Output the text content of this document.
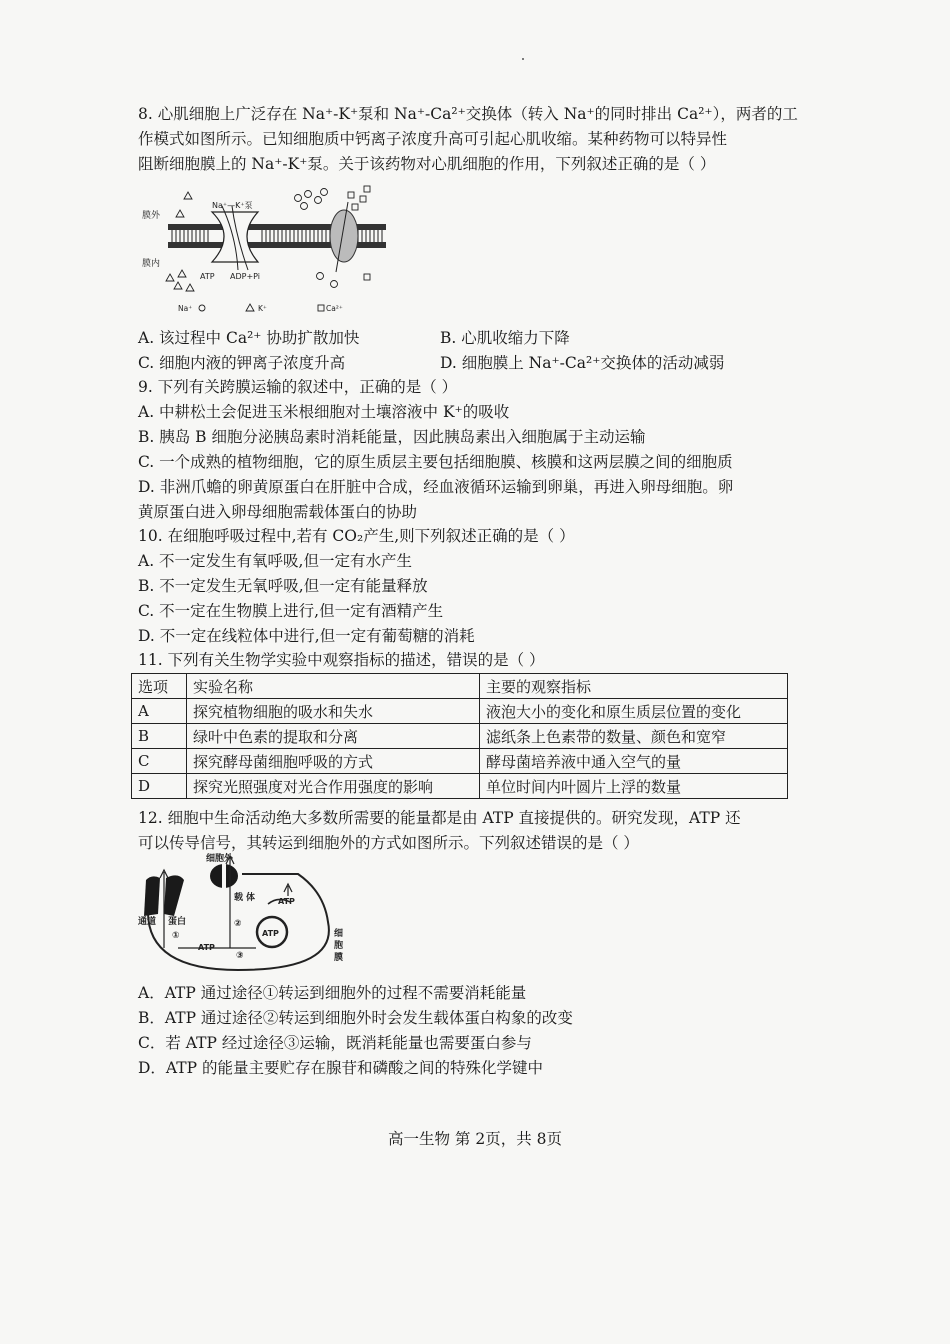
8. 心肌细胞上广泛存在 Na⁺-K⁺泵和 Na⁺-Ca²⁺交换体（转入 Na⁺的同时排出 Ca²⁺），两者的工
作模式如图所示。已知细胞质中钙离子浓度升高可引起心肌收缩。某种药物可以特异性
阻断细胞膜上的 Na⁺-K⁺泵。关于该药物对心肌细胞的作用，下列叙述正确的是（ ）
膜外
膜内
Na⁺—K⁺泵
ATP ADP+Pi
Na⁺	K⁺	Ca²⁺
A. 该过程中 Ca²⁺ 协助扩散加快	B. 心肌收缩力下降
C. 细胞内液的钾离子浓度升高	D. 细胞膜上 Na⁺-Ca²⁺交换体的活动减弱
9. 下列有关跨膜运输的叙述中，正确的是（ ）
A. 中耕松土会促进玉米根细胞对土壤溶液中 K⁺的吸收
B. 胰岛 B 细胞分泌胰岛素时消耗能量，因此胰岛素出入细胞属于主动运输
C. 一个成熟的植物细胞，它的原生质层主要包括细胞膜、核膜和这两层膜之间的细胞质
D. 非洲爪蟾的卵黄原蛋白在肝脏中合成，经血液循环运输到卵巢，再进入卵母细胞。卵
黄原蛋白进入卵母细胞需载体蛋白的协助
10. 在细胞呼吸过程中,若有 CO₂产生,则下列叙述正确的是（ ）
A. 不一定发生有氧呼吸,但一定有水产生
B. 不一定发生无氧呼吸,但一定有能量释放
C. 不一定在生物膜上进行,但一定有酒精产生
D. 不一定在线粒体中进行,但一定有葡萄糖的消耗
11. 下列有关生物学实验中观察指标的描述，错误的是（ ）
选项	实验名称	主要的观察指标
A	探究植物细胞的吸水和失水	液泡大小的变化和原生质层位置的变化
B	绿叶中色素的提取和分离	滤纸条上色素带的数量、颜色和宽窄
C	探究酵母菌细胞呼吸的方式	酵母菌培养液中通入空气的量
D	探究光照强度对光合作用强度的影响	单位时间内叶圆片上浮的数量
12. 细胞中生命活动绝大多数所需要的能量都是由 ATP 直接提供的。研究发现，ATP 还
可以传导信号，其转运到细胞外的方式如图所示。下列叙述错误的是（ ）
细胞外
载 体
通道 蛋白
①
②
③
ATP
ATP
ATP
细
胞
膜
A．ATP 通过途径①转运到细胞外的过程不需要消耗能量
B．ATP 通过途径②转运到细胞外时会发生载体蛋白构象的改变
C．若 ATP 经过途径③运输，既消耗能量也需要蛋白参与
D．ATP 的能量主要贮存在腺苷和磷酸之间的特殊化学键中
高一生物 第 2页，共 8页
